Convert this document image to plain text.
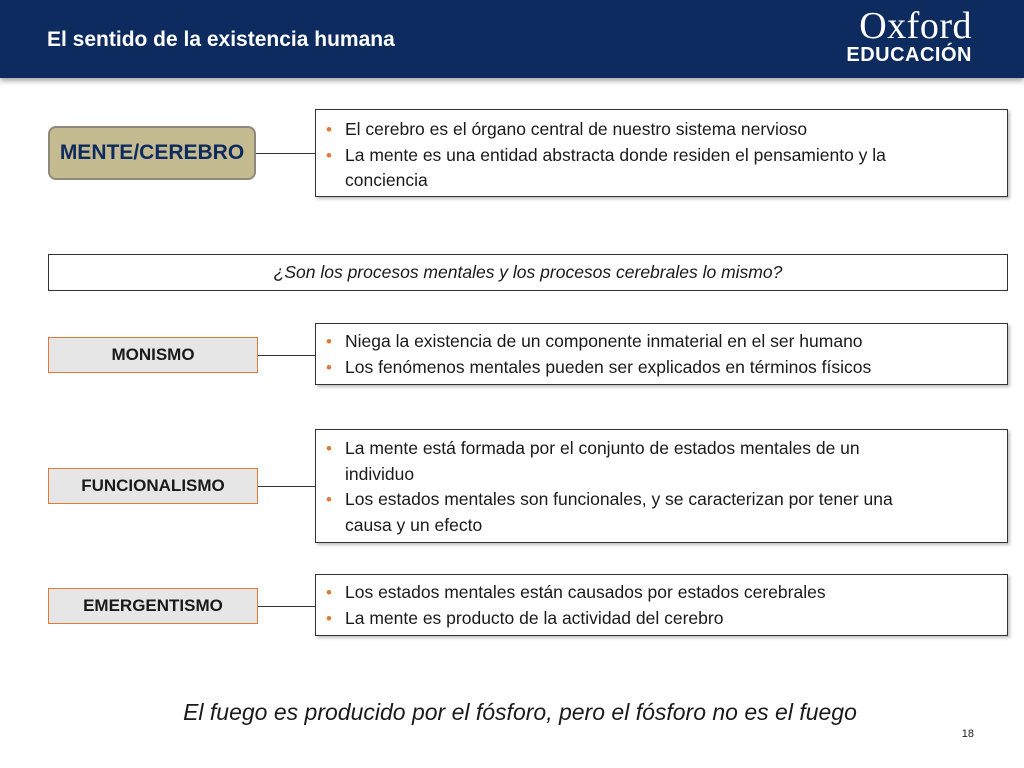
El sentido de la existencia humana	Oxford
EDUCACIÓN
MENTE / CEREBRO
• El cerebro es el órgano central de nuestro sistema nervioso
• La mente es una entidad abstracta donde residen el pensamiento y la conciencia
¿Son los procesos mentales y los procesos cerebrales lo mismo?
MONISMO
• Niega la existencia de un componente inmaterial en el ser humano
• Los fenómenos mentales pueden ser explicados en términos físicos
FUNCIONALISMO
• La mente está formada por el conjunto de estados mentales de un individuo
• Los estados mentales son funcionales, y se caracterizan por tener una causa y un efecto
EMERGENTISMO
• Los estados mentales están causados por estados cerebrales
• La mente es producto de la actividad del cerebro
El fuego es producido por el fósforo, pero el fósforo no es el fuego
18
